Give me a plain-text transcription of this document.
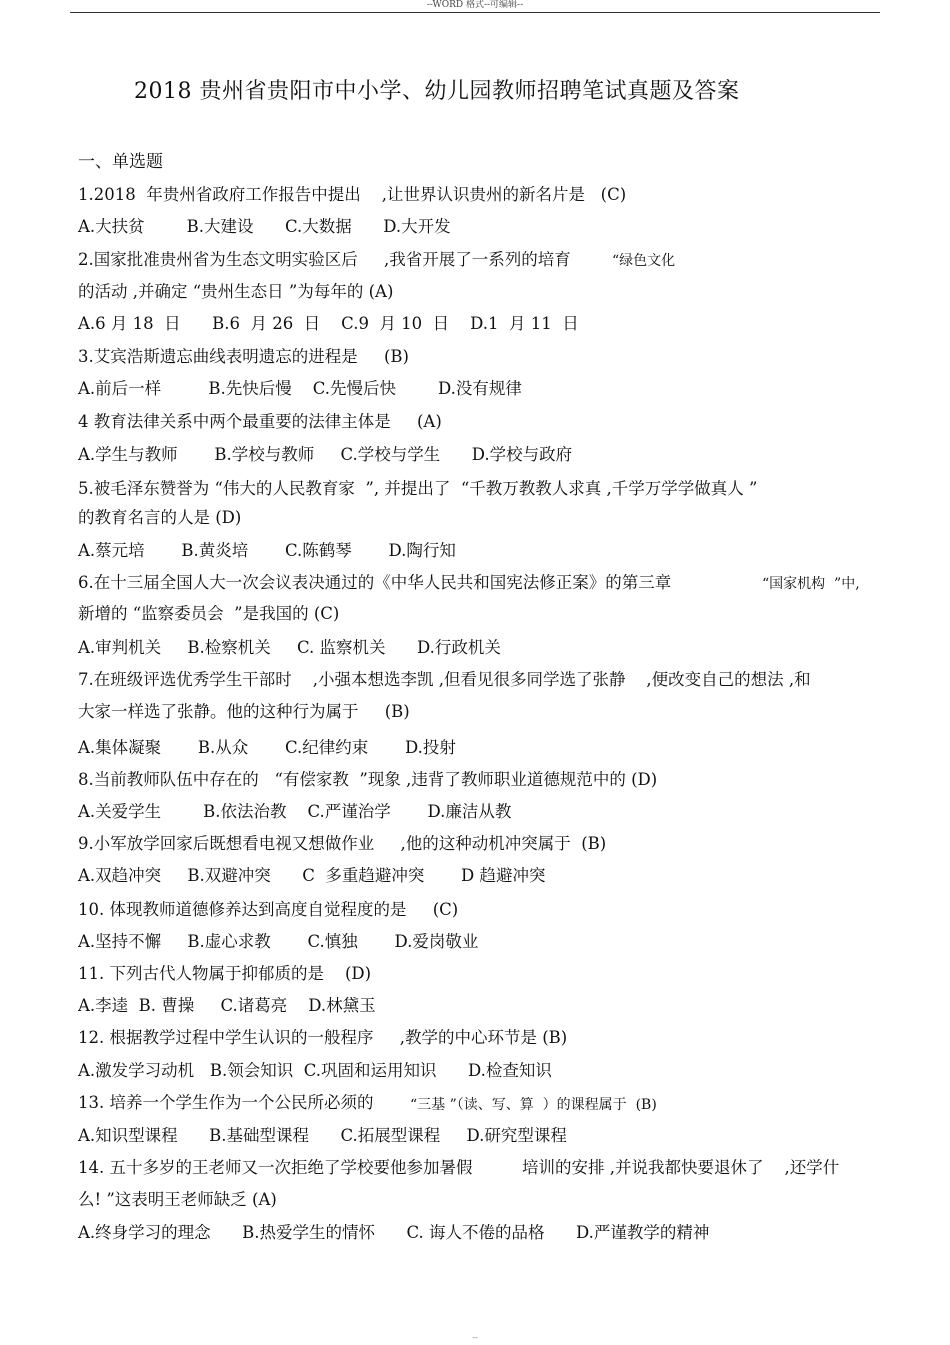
--WORD 格式--可编辑--
2018 贵州省贵阳市中小学、幼儿园教师招聘笔试真题及答案
一、单选题
1.2018  年贵州省政府工作报告中提出    ,让世界认识贵州的新名片是   (C)
A.大扶贫        B.大建设      C.大数据      D.大开发
2.国家批准贵州省为生态文明实验区后     ,我省开展了一系列的培育	“绿色文化
的活动 ,并确定 “贵州生态日 ”为每年的 (A)
A.6 月 18  日      B.6  月 26  日    C.9  月 10  日    D.1  月 11  日
3.艾宾浩斯遗忘曲线表明遗忘的进程是     (B)
A.前后一样         B.先快后慢    C.先慢后快        D.没有规律
4 教育法律关系中两个最重要的法律主体是     (A)
A.学生与教师       B.学校与教师     C.学校与学生      D.学校与政府
5.被毛泽东赞誉为 “伟大的人民教育家  ”, 并提出了  “千教万教教人求真 ,千学万学学做真人 ”
的教育名言的人是 (D)
A.蔡元培       B.黄炎培       C.陈鹤琴       D.陶行知
6.在十三届全国人大一次会议表决通过的《中华人民共和国宪法修正案》的第三章	“国家机构  ”中,
新增的 “监察委员会  ”是我国的 (C)
A.审判机关     B.检察机关     C. 监察机关      D.行政机关
7.在班级评选优秀学生干部时    ,小强本想选李凯 ,但看见很多同学选了张静    ,便改变自己的想法 ,和
大家一样选了张静。他的这种行为属于     (B)
A.集体凝聚       B.从众       C.纪律约束       D.投射
8.当前教师队伍中存在的   “有偿家教  ”现象 ,违背了教师职业道德规范中的 (D)
A.关爱学生        B.依法治教    C.严谨治学       D.廉洁从教
9.小军放学回家后既想看电视又想做作业     ,他的这种动机冲突属于  (B)
A.双趋冲突     B.双避冲突      C  多重趋避冲突       D 趋避冲突
10. 体现教师道德修养达到高度自觉程度的是     (C)
A.坚持不懈     B.虚心求教       C.慎独       D.爱岗敬业
11. 下列古代人物属于抑郁质的是    (D)
A.李逵  B. 曹操     C.诸葛亮    D.林黛玉
12. 根据教学过程中学生认识的一般程序     ,教学的中心环节是 (B)
A.激发学习动机   B.领会知识  C.巩固和运用知识      D.检查知识
13. 培养一个学生作为一个公民所必须的	“三基 ”（读、写、算  ）的课程属于  (B)
A.知识型课程      B.基础型课程      C.拓展型课程     D.研究型课程
14. 五十多岁的王老师又一次拒绝了学校要他参加暑假	培训的安排 ,并说我都快要退休了    ,还学什
么! ”这表明王老师缺乏 (A)
A.终身学习的理念      B.热爱学生的情怀      C. 诲人不倦的品格      D.严谨教学的精神
--
